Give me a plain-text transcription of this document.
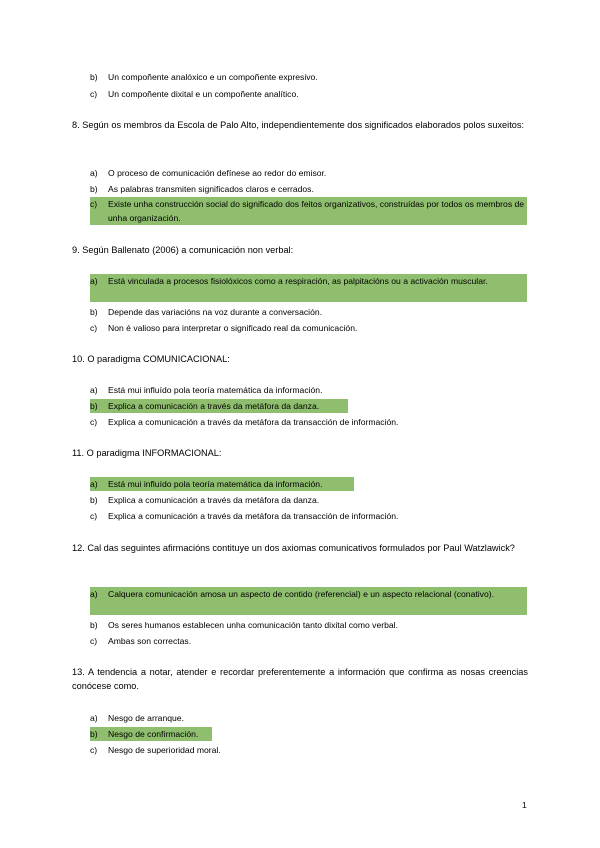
b)	Un compoñente analóxico e un compoñente expresivo.
c)	Un compoñente dixital e un compoñente analítico.
8. Según os membros da Escola de Palo Alto, independientemente dos significados elaborados polos suxeitos:
a)	O proceso de comunicación defínese ao redor do emisor.
b)	As palabras transmiten significados claros e cerrados.
c)	Existe unha construcción social do significado dos feitos organizativos, construídas por todos os membros de unha organización.
9. Según Ballenato (2006) a comunicación non verbal:
a)	Está vinculada a procesos fisiolóxicos como a respiración, as palpitacións ou a activación muscular.
b)	Depende das variacións na voz durante a conversación.
c)	Non é valioso para interpretar o significado real da comunicación.
10. O paradigma COMUNICACIONAL:
a)	Está mui influído pola teoría matemática da información.
b)	Explica a comunicación a través da metáfora da danza.
c)	Explica a comunicación a través da metáfora da transacción de información.
11. O paradigma INFORMACIONAL:
a)	Está mui influído pola teoría matemática da información.
b)	Explica a comunicación a través da metáfora da danza.
c)	Explica a comunicación a través da metáfora da transacción de información.
12. Cal das seguintes afirmacións contituye un dos axiomas comunicativos formulados por Paul Watzlawick?
a)	Calquera comunicación amosa un aspecto de contido (referencial) e un aspecto relacional (conativo).
b)	Os seres humanos establecen unha comunicación tanto dixital como verbal.
c)	Ambas son correctas.
13. A tendencia a notar, atender e recordar preferentemente a información que confirma as nosas creencias conócese como.
a)	Nesgo de arranque.
b)	Nesgo de confirmación.
c)	Nesgo de superioridad moral.
1
